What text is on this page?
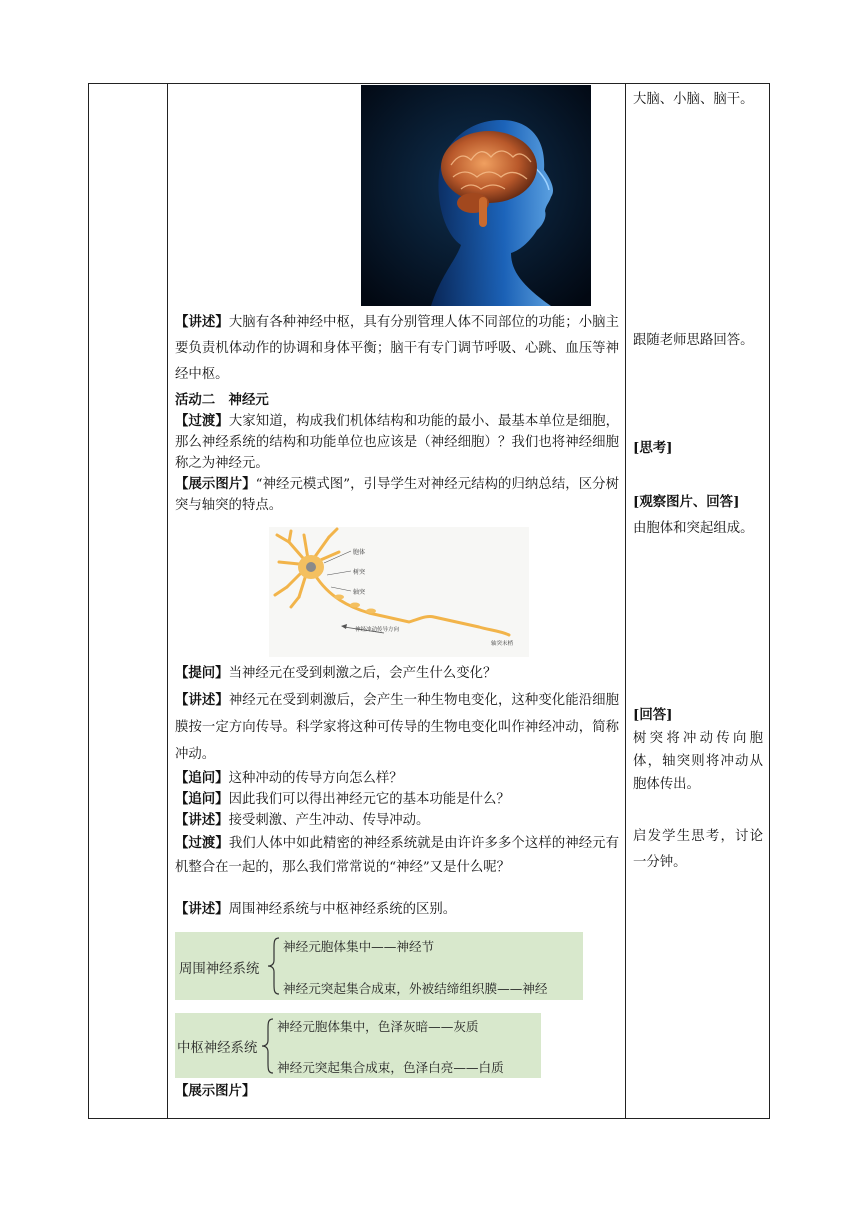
【讲述】大脑有各种神经中枢，具有分别管理人体不同部位的功能；小脑主要负责机体动作的协调和身体平衡；脑干有专门调节呼吸、心跳、血压等神经中枢。

活动二　神经元

【过渡】大家知道，构成我们机体结构和功能的最小、最基本单位是细胞，那么神经系统的结构和功能单位也应该是（神经细胞）？我们也将神经细胞称之为神经元。

【展示图片】“神经元模式图”，引导学生对神经元结构的归纳总结，区分树突与轴突的特点。

胞体
树突
轴突
神经冲动传导方向
轴突末梢

【提问】当神经元在受到刺激之后，会产生什么变化？

【讲述】神经元在受到刺激后，会产生一种生物电变化，这种变化能沿细胞膜按一定方向传导。科学家将这种可传导的生物电变化叫作神经冲动，简称冲动。

【追问】这种冲动的传导方向怎么样？

【追问】因此我们可以得出神经元它的基本功能是什么？

【讲述】接受刺激、产生冲动、传导冲动。

【过渡】我们人体中如此精密的神经系统就是由许许多多个这样的神经元有机整合在一起的，那么我们常常说的“神经”又是什么呢？

【讲述】周围神经系统与中枢神经系统的区别。

周围神经系统
神经元胞体集中——神经节
神经元突起集合成束，外被结缔组织膜——神经
中枢神经系统
神经元胞体集中，色泽灰暗——灰质
神经元突起集合成束，色泽白亮——白质

【展示图片】

大脑、小脑、脑干。

跟随老师思路回答。

[思考]

[观察图片、回答]

由胞体和突起组成。

[回答]

树突将冲动传向胞体，轴突则将冲动从胞体传出。

启发学生思考，讨论一分钟。
